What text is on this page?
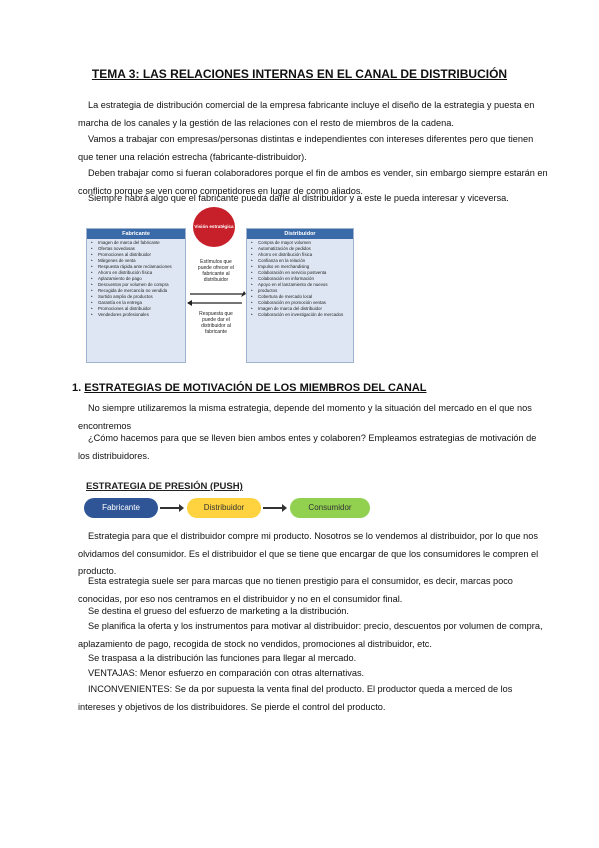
TEMA 3: LAS RELACIONES INTERNAS EN EL CANAL DE DISTRIBUCIÓN

La estrategia de distribución comercial de la empresa fabricante incluye el diseño de la estrategia y puesta en marcha de los canales y la gestión de las relaciones con el resto de miembros de la cadena.

Vamos a trabajar con empresas/personas distintas e independientes con intereses diferentes pero que tienen que tener una relación estrecha (fabricante-distribuidor).

Deben trabajar como si fueran colaboradores porque el fin de ambos es vender, sin embargo siempre estarán en conflicto porque se ven como competidores en lugar de como aliados.

Siempre habrá algo que el fabricante pueda darle al distribuidor y a este le pueda interesar y viceversa.

Fabricante
• Imagen de marca del fabricante
• Ofertas novedosas
• Promociones al distribuidor
• Márgenes de venta
• Respuesta rápida ante reclamaciones
• Ahorro en distribución física
• Aplazamiento de pago
• Descuentos por volumen de compra
• Recogida de mercancía no vendida
• Surtido amplio de productos
• Garantía en la entrega
• Promociones al distribuidor
• Vendedores profesionales
Distribuidor
• Compra de mayor volumen
• Automatización de pedidos
• Ahorro en distribución física
• Confianza en la relación
• Impulso en merchandising
• Colaboración en servicio postventa
• Colaboración en información
• Apoyo en el lanzamiento de nuevos
• productos
• Cobertura de mercado local
• Colaboración en promoción ventas
• Imagen de marca del distribuidor
• Colaboración en investigación de mercados
Visión estratégica
Estímulos que puede ofrecer el fabricante al distribuidor
Respuesta que puede dar el distribuidor al fabricante
1. ESTRATEGIAS DE MOTIVACIÓN DE LOS MIEMBROS DEL CANAL

No siempre utilizaremos la misma estrategia, depende del momento y la situación del mercado en el que nos encontremos

¿Cómo hacemos para que se lleven bien ambos entes y colaboren? Empleamos estrategias de motivación de los distribuidores.

ESTRATEGIA DE PRESIÓN (PUSH)
Fabricante	Distribuidor	Consumidor

Estrategia para que el distribuidor compre mi producto. Nosotros se lo vendemos al distribuidor, por lo que nos olvidamos del consumidor. Es el distribuidor el que se tiene que encargar de que los consumidores le compren el producto.

Esta estrategia suele ser para marcas que no tienen prestigio para el consumidor, es decir, marcas poco conocidas, por eso nos centramos en el distribuidor y no en el consumidor final.

Se destina el grueso del esfuerzo de marketing a la distribución.

Se planifica la oferta y los instrumentos para motivar al distribuidor: precio, descuentos por volumen de compra, aplazamiento de pago, recogida de stock no vendidos, promociones al distribuidor, etc.

Se traspasa a la distribución las funciones para llegar al mercado.

VENTAJAS: Menor esfuerzo en comparación con otras alternativas.

INCONVENIENTES: Se da por supuesta la venta final del producto. El productor queda a merced de los intereses y objetivos de los distribuidores. Se pierde el control del producto.
